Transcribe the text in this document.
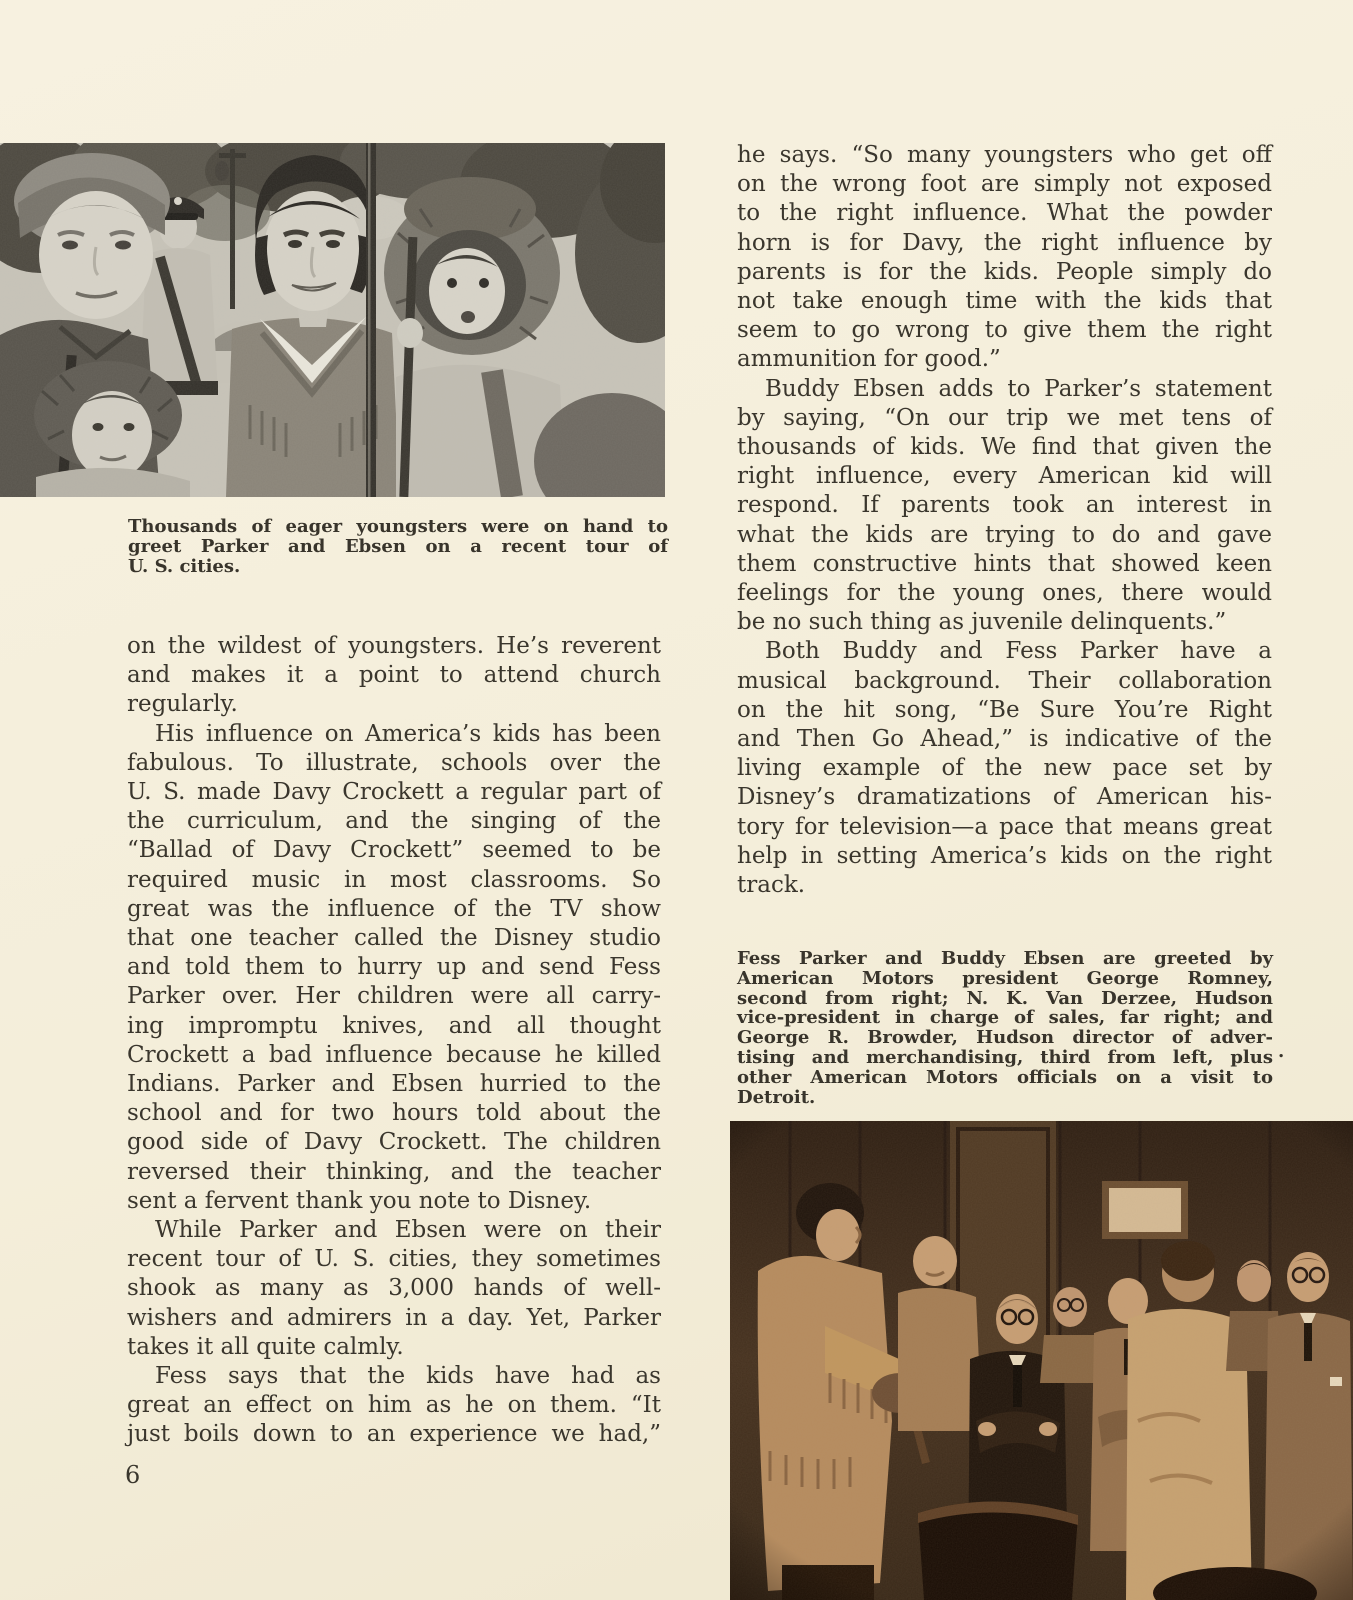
Thousands of eager youngsters were on hand to
greet Parker and Ebsen on a recent tour of
U. S. cities.
on the wildest of youngsters. He’s reverent
and makes it a point to attend church
regularly.
His influence on America’s kids has been
fabulous. To illustrate, schools over the
U. S. made Davy Crockett a regular part of
the curriculum, and the singing of the
“Ballad of Davy Crockett” seemed to be
required music in most classrooms. So
great was the influence of the TV show
that one teacher called the Disney studio
and told them to hurry up and send Fess
Parker over. Her children were all carry-
ing impromptu knives, and all thought
Crockett a bad influence because he killed
Indians. Parker and Ebsen hurried to the
school and for two hours told about the
good side of Davy Crockett. The children
reversed their thinking, and the teacher
sent a fervent thank you note to Disney.
While Parker and Ebsen were on their
recent tour of U. S. cities, they sometimes
shook as many as 3,000 hands of well-
wishers and admirers in a day. Yet, Parker
takes it all quite calmly.
Fess says that the kids have had as
great an effect on him as he on them. “It
just boils down to an experience we had,”
he says. “So many youngsters who get off
on the wrong foot are simply not exposed
to the right influence. What the powder
horn is for Davy, the right influence by
parents is for the kids. People simply do
not take enough time with the kids that
seem to go wrong to give them the right
ammunition for good.”
Buddy Ebsen adds to Parker’s statement
by saying, “On our trip we met tens of
thousands of kids. We find that given the
right influence, every American kid will
respond. If parents took an interest in
what the kids are trying to do and gave
them constructive hints that showed keen
feelings for the young ones, there would
be no such thing as juvenile delinquents.”
Both Buddy and Fess Parker have a
musical background. Their collaboration
on the hit song, “Be Sure You’re Right
and Then Go Ahead,” is indicative of the
living example of the new pace set by
Disney’s dramatizations of American his-
tory for television—a pace that means great
help in setting America’s kids on the right
track.
Fess Parker and Buddy Ebsen are greeted by
American Motors president George Romney,
second from right; N. K. Van Derzee, Hudson
vice-president in charge of sales, far right; and
George R. Browder, Hudson director of adver-
tising and merchandising, third from left, plus
other American Motors officials on a visit to
Detroit.
.
6
